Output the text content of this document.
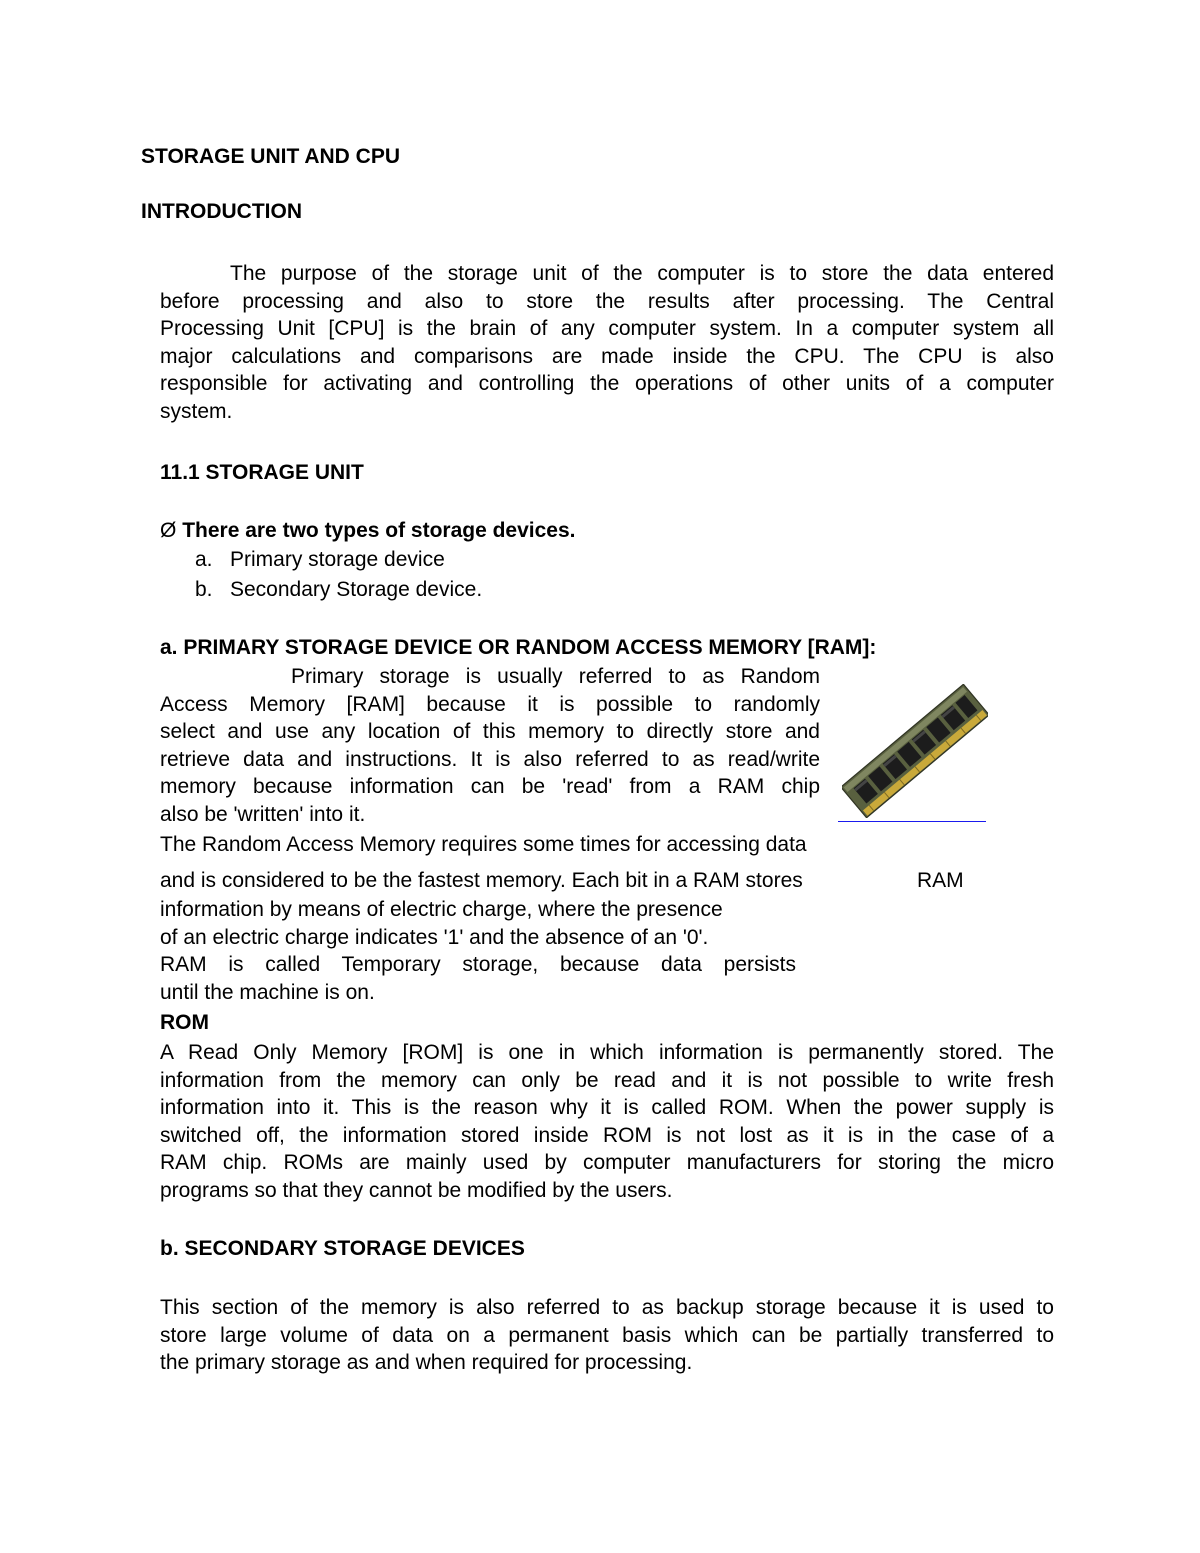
STORAGE UNIT AND CPU

INTRODUCTION

The purpose of the storage unit of the computer is to store the data entered
before processing and also to store the results after processing. The Central
Processing Unit [CPU] is the brain of any computer system. In a computer system all
major calculations and comparisons are made inside the CPU. The CPU is also
responsible for activating and controlling the operations of other units of a computer
system.

11.1 STORAGE UNIT

Ø There are two types of storage devices.

a. Primary storage device

b. Secondary Storage device.

a. PRIMARY STORAGE DEVICE OR RANDOM ACCESS MEMORY [RAM]:

Primary storage is usually referred to as Random
Access Memory [RAM] because it is possible to randomly
select and use any location of this memory to directly store and
retrieve data and instructions. It is also referred to as read/write
memory because information can be 'read' from a RAM chip
also be 'written' into it.

The Random Access Memory requires some times for accessing data

and is considered to be the fastest memory. Each bit in a RAM stores	RAM

information by means of electric charge, where the presence
of an electric charge indicates '1' and the absence of an '0'.
RAM is called Temporary storage, because data persists
until the machine is on.

ROM

A Read Only Memory [ROM] is one in which information is permanently stored. The
information from the memory can only be read and it is not possible to write fresh
information into it. This is the reason why it is called ROM. When the power supply is
switched off, the information stored inside ROM is not lost as it is in the case of a
RAM chip. ROMs are mainly used by computer manufacturers for storing the micro
programs so that they cannot be modified by the users.

b. SECONDARY STORAGE DEVICES

This section of the memory is also referred to as backup storage because it is used to
store large volume of data on a permanent basis which can be partially transferred to
the primary storage as and when required for processing.
